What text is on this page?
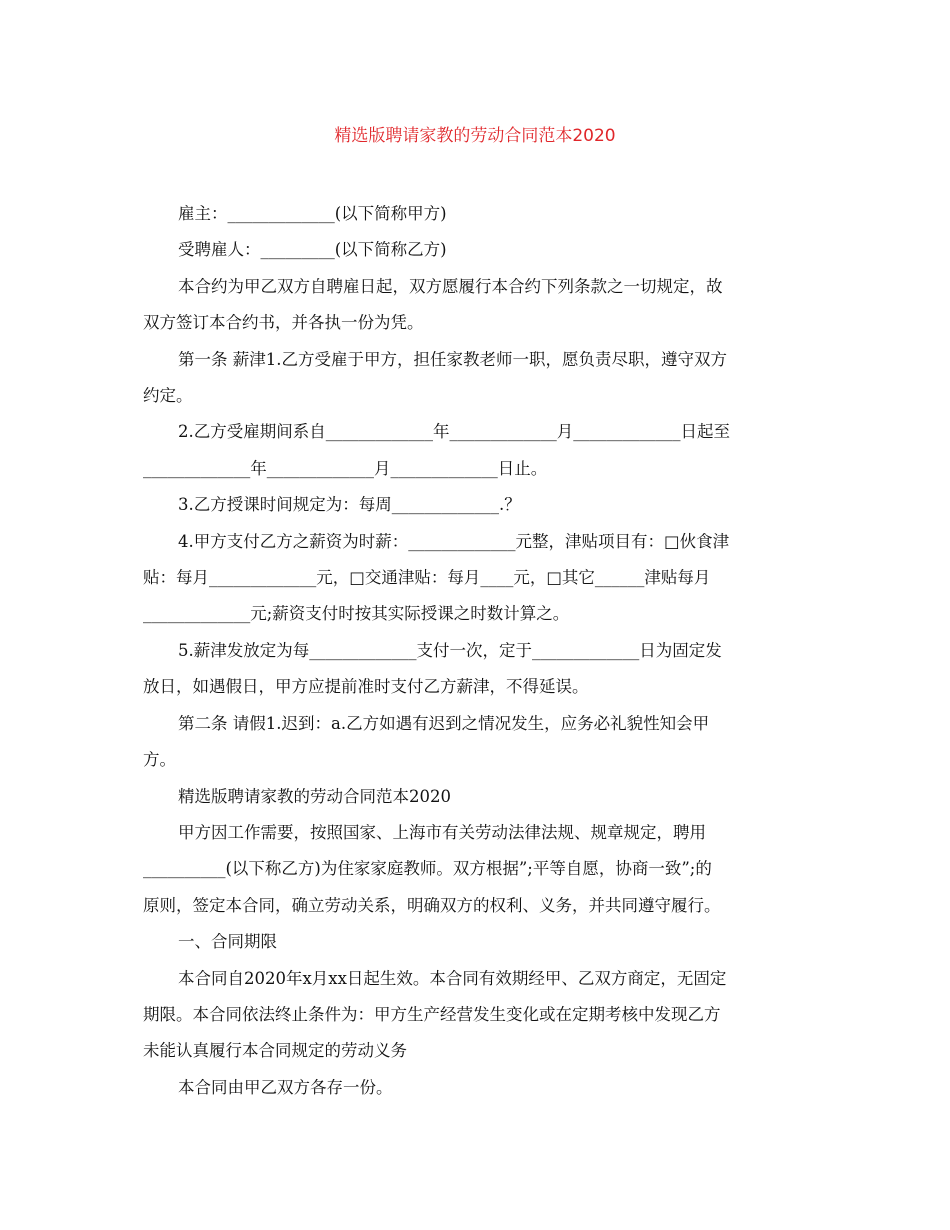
精选版聘请家教的劳动合同范本2020

雇主：_____________(以下简称甲方)

受聘雇人：_________(以下简称乙方)

本合约为甲乙双方自聘雇日起，双方愿履行本合约下列条款之一切规定，故
双方签订本合约书，并各执一份为凭。

第一条 薪津1.乙方受雇于甲方，担任家教老师一职，愿负责尽职，遵守双方
约定。

2.乙方受雇期间系自_____________年_____________月_____________日起至
_____________年_____________月_____________日止。

3.乙方授课时间规定为：每周_____________.？

4.甲方支付乙方之薪资为时薪：_____________元整，津贴项目有：□伙食津
贴：每月_____________元，□交通津贴：每月____元，□其它______津贴每月
_____________元;薪资支付时按其实际授课之时数计算之。

5.薪津发放定为每_____________支付一次，定于_____________日为固定发
放日，如遇假日，甲方应提前准时支付乙方薪津，不得延误。

第二条 请假1.迟到：a.乙方如遇有迟到之情况发生，应务必礼貌性知会甲
方。

精选版聘请家教的劳动合同范本2020

甲方因工作需要，按照国家、上海市有关劳动法律法规、规章规定，聘用
__________(以下称乙方)为住家家庭教师。双方根据”;平等自愿，协商一致”;的
原则，签定本合同，确立劳动关系，明确双方的权利、义务，并共同遵守履行。

一、合同期限

本合同自2020年x月xx日起生效。本合同有效期经甲、乙双方商定，无固定
期限。本合同依法终止条件为：甲方生产经营发生变化或在定期考核中发现乙方
未能认真履行本合同规定的劳动义务

本合同由甲乙双方各存一份。
